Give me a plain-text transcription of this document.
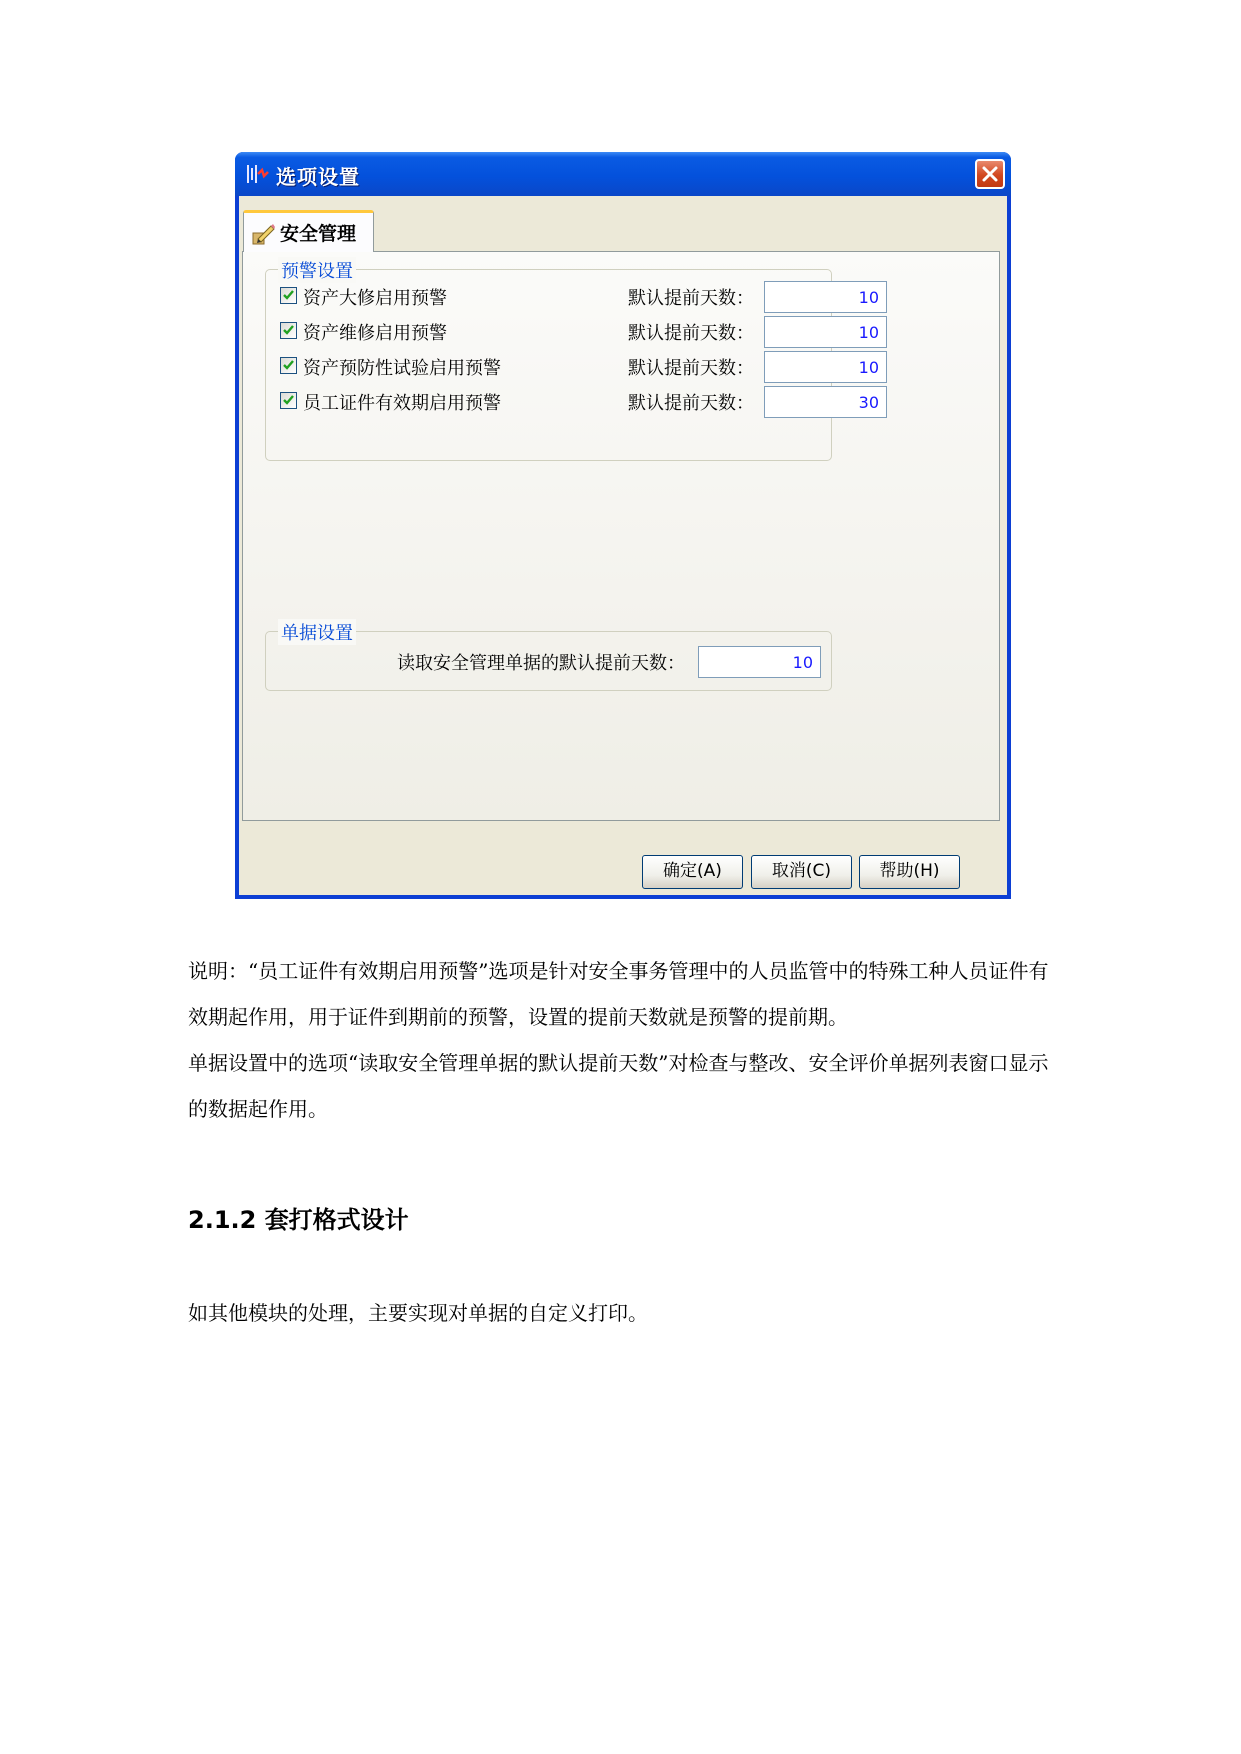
选项设置
安全管理
预警设置
资产大修启用预警	默认提前天数：
10
资产维修启用预警	默认提前天数：
10
资产预防性试验启用预警	默认提前天数：
10
员工证件有效期启用预警	默认提前天数：
30
单据设置
读取安全管理单据的默认提前天数：
10
确定(A)	取消(C)	帮助(H)
说明：“员工证件有效期启用预警”选项是针对安全事务管理中的人员监管中的特殊工种人员证件有效期起作用，用于证件到期前的预警，设置的提前天数就是预警的提前期。
单据设置中的选项“读取安全管理单据的默认提前天数”对检查与整改、安全评价单据列表窗口显示的数据起作用。
2.1.2 套打格式设计
如其他模块的处理，主要实现对单据的自定义打印。
